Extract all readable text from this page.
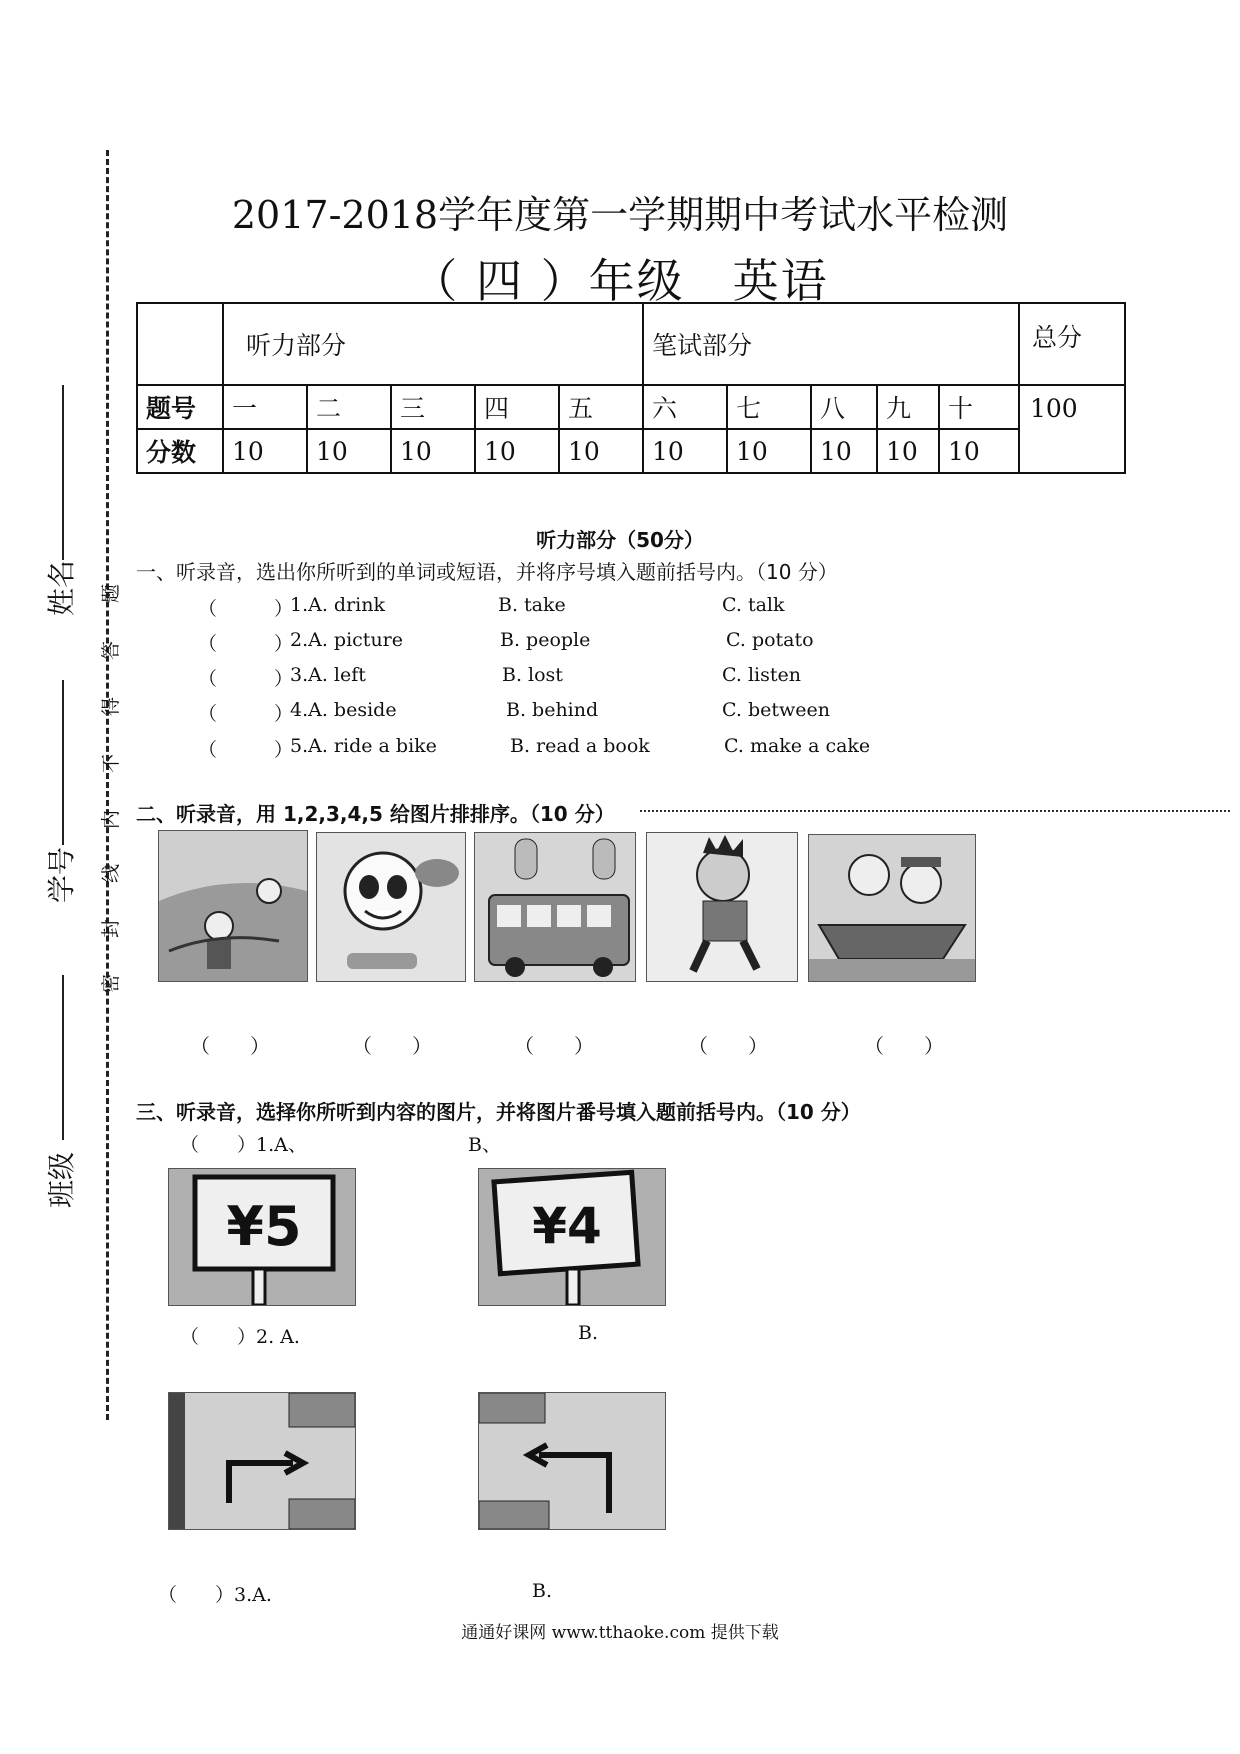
姓名
学号
班级
题
答
得
不
内
线
封
密
2017-2018学年度第一学期期中考试水平检测
（ 四 ）年级　英语
	听力部分					笔试部分					总分
题号	一	二	三	四	五	六	七	八	九	十	100
分数	10	10	10	10	10	10	10	10	10	10	
听力部分（50分）
一、听录音，选出你所听到的单词或短语，并将序号填入题前括号内。（10 分）
（　　　）
1.A. drink	B. take	C. talk
（　　　）
2.A. picture	B. people	C. potato
（　　　）
3.A. left	B. lost	C. listen
（　　　）
4.A. beside	B. behind	C. between
（　　　）
5.A. ride a bike	B. read a book	C. make a cake
二、听录音，用 1,2,3,4,5 给图片排排序。（10 分）
（　　）	（　　）	（　　）	（　　）	（　　）
三、听录音，选择你所听到内容的图片，并将图片番号填入题前括号内。（10 分）
（　　）1.A、	B、
¥5	¥4
（　　）2. A.	B.
（　　）3.A.	B.
通通好课网 www.tthaoke.com 提供下载
